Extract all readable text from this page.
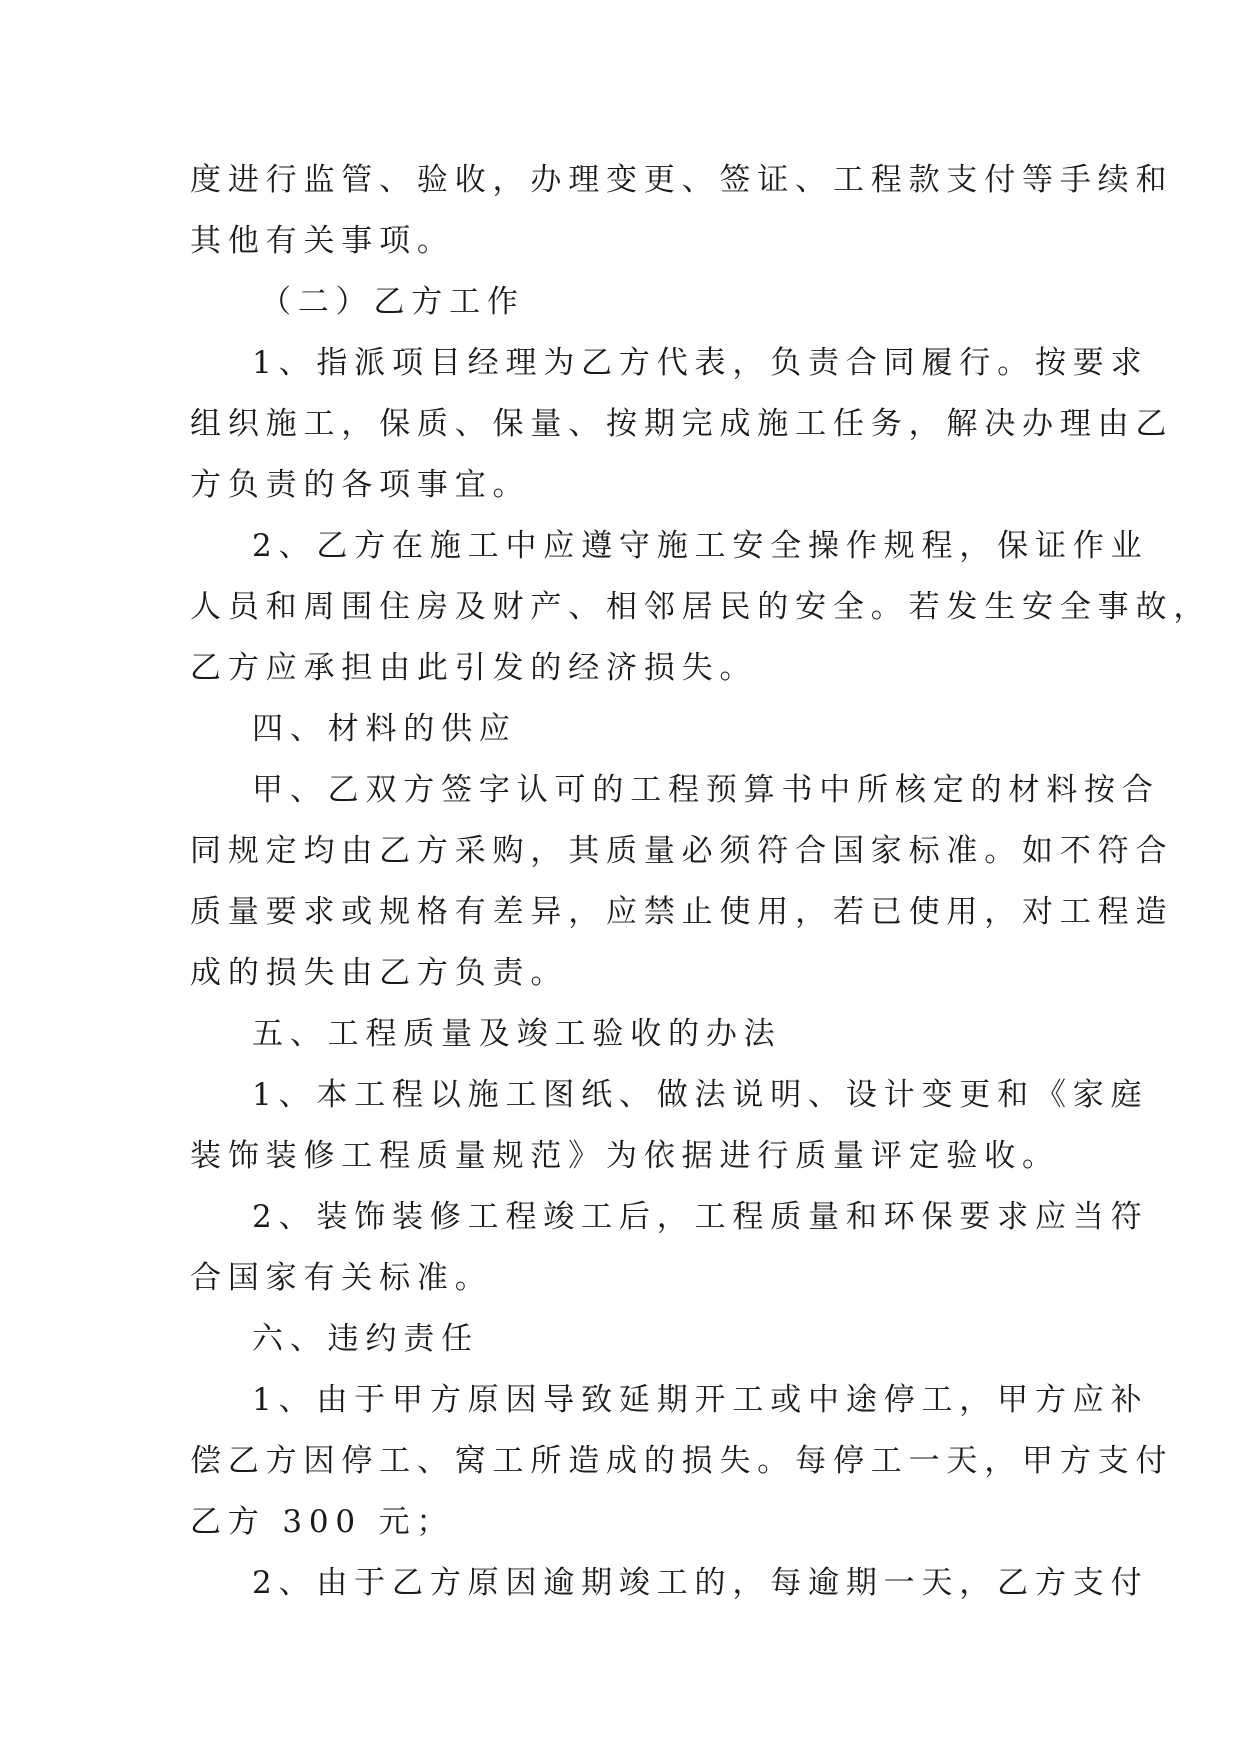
度进行监管、验收，办理变更、签证、工程款支付等手续和
其他有关事项。
（二）乙方工作
1、指派项目经理为乙方代表，负责合同履行。按要求
组织施工，保质、保量、按期完成施工任务，解决办理由乙
方负责的各项事宜。
2、乙方在施工中应遵守施工安全操作规程，保证作业
人员和周围住房及财产、相邻居民的安全。若发生安全事故，
乙方应承担由此引发的经济损失。
四、材料的供应
甲、乙双方签字认可的工程预算书中所核定的材料按合
同规定均由乙方采购，其质量必须符合国家标准。如不符合
质量要求或规格有差异，应禁止使用，若已使用，对工程造
成的损失由乙方负责。
五、工程质量及竣工验收的办法
1、本工程以施工图纸、做法说明、设计变更和《家庭
装饰装修工程质量规范》为依据进行质量评定验收。
2、装饰装修工程竣工后，工程质量和环保要求应当符
合国家有关标准。
六、违约责任
1、由于甲方原因导致延期开工或中途停工，甲方应补
偿乙方因停工、窝工所造成的损失。每停工一天，甲方支付
乙方 300 元；
2、由于乙方原因逾期竣工的，每逾期一天，乙方支付
